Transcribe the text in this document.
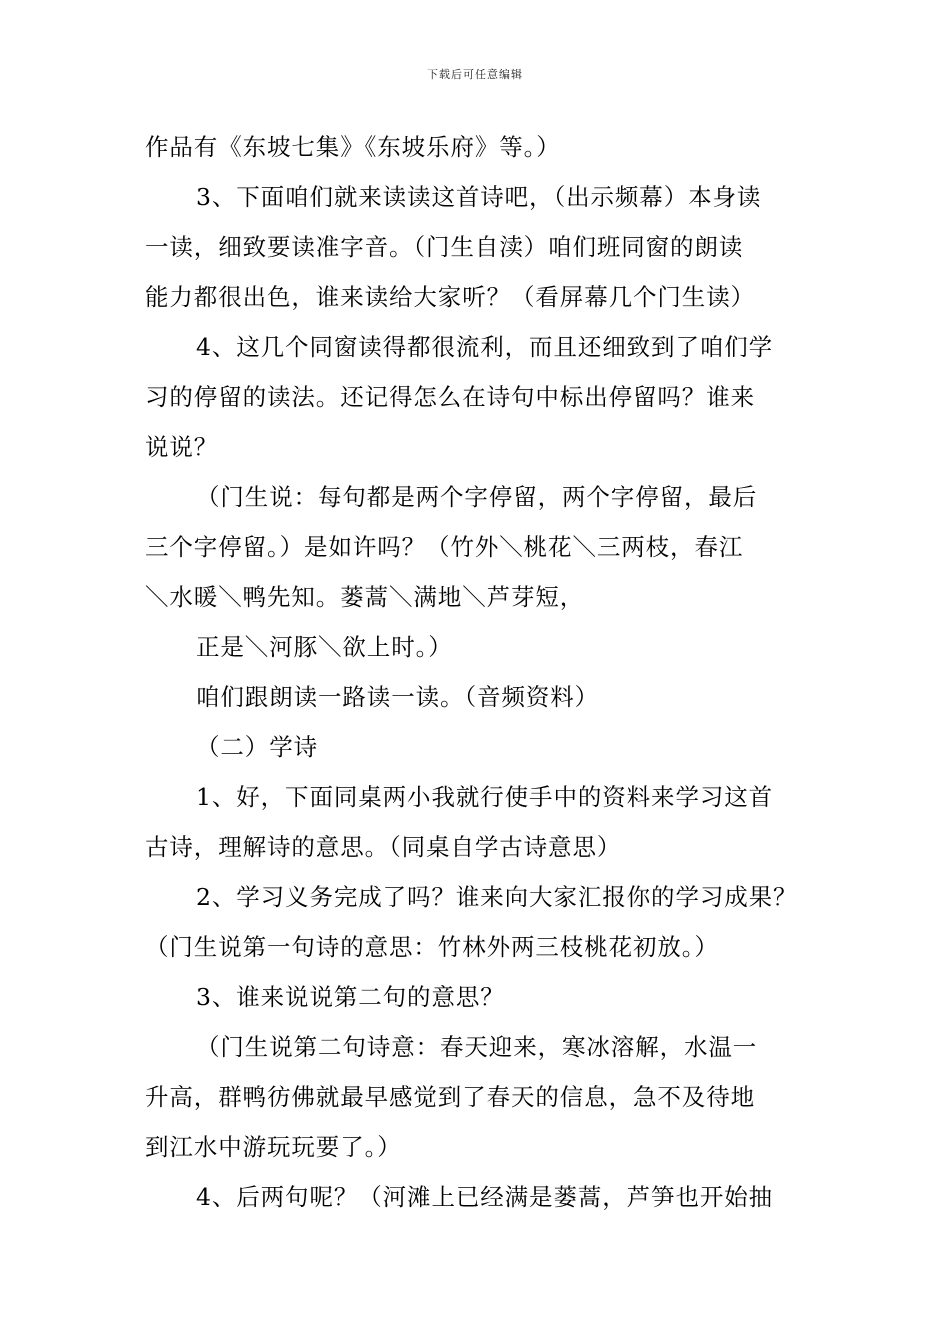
下载后可任意编辑
作品有《东坡七集》《东坡乐府》等。）
3、下面咱们就来读读这首诗吧，（出示频幕）本身读
一读，细致要读准字音。（门生自渎）咱们班同窗的朗读
能力都很出色，谁来读给大家听？（看屏幕几个门生读）
4、这几个同窗读得都很流利，而且还细致到了咱们学
习的停留的读法。还记得怎么在诗句中标出停留吗？谁来
说说？
（门生说：每句都是两个字停留，两个字停留，最后
三个字停留。）是如许吗？（竹外＼桃花＼三两枝，春江
＼水暖＼鸭先知。蒌蒿＼满地＼芦芽短，
正是＼河豚＼欲上时。）
咱们跟朗读一路读一读。（音频资料）
（二）学诗
1、好，下面同桌两小我就行使手中的资料来学习这首
古诗，理解诗的意思。（同桌自学古诗意思）
2、学习义务完成了吗？谁来向大家汇报你的学习成果？
（门生说第一句诗的意思：竹林外两三枝桃花初放。）
3、谁来说说第二句的意思？
（门生说第二句诗意：春天迎来，寒冰溶解，水温一
升高，群鸭彷佛就最早感觉到了春天的信息，急不及待地
到江水中游玩玩要了。）
4、后两句呢？（河滩上已经满是蒌蒿，芦笋也开始抽
